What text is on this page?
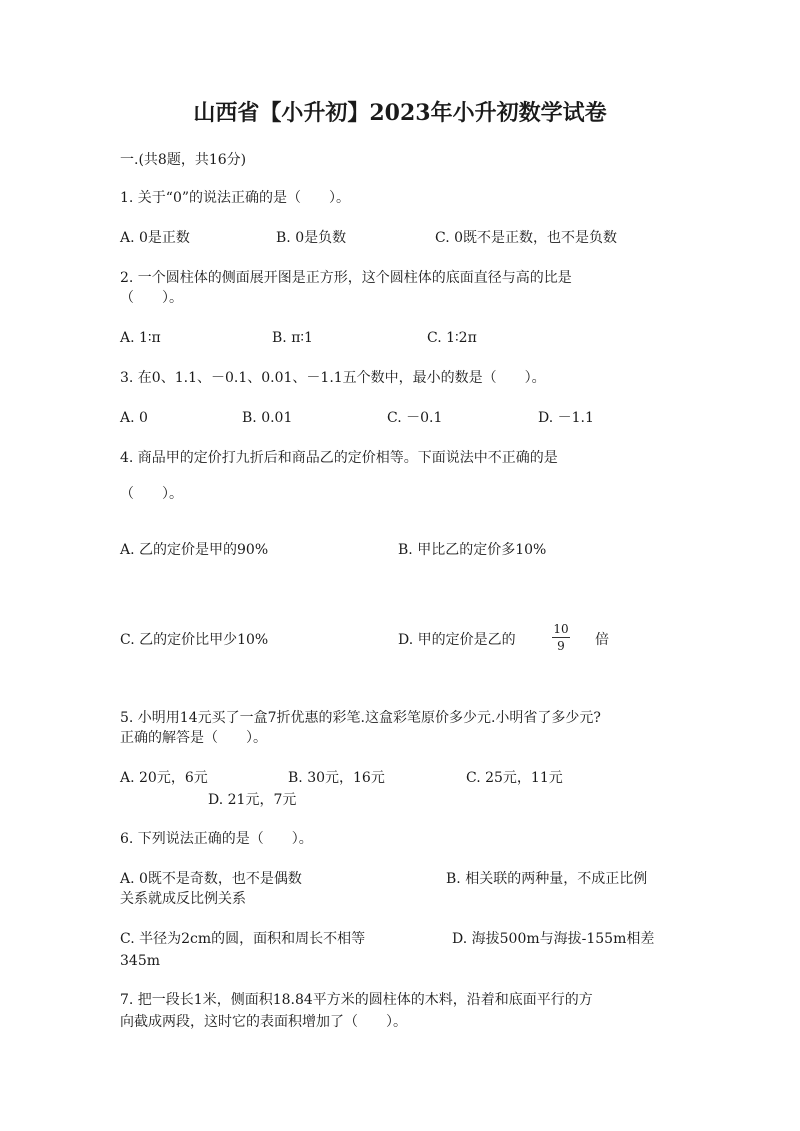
山西省【小升初】2023年小升初数学试卷
一.(共8题，共16分)
1. 关于“0”的说法正确的是（　　）。
A. 0是正数	B. 0是负数	C. 0既不是正数，也不是负数
2. 一个圆柱体的侧面展开图是正方形，这个圆柱体的底面直径与高的比是
（　　）。
A. 1∶π	B. π∶1	C. 1∶2π
3. 在0、1.1、－0.1、0.01、－1.1五个数中，最小的数是（　　）。
A. 0	B. 0.01	C. －0.1	D. －1.1
4. 商品甲的定价打九折后和商品乙的定价相等。下面说法中不正确的是
（　　）。
A. 乙的定价是甲的90%	B. 甲比乙的定价多10%
C. 乙的定价比甲少10%	D. 甲的定价是乙的	$\frac{10}{9}$ 倍
5. 小明用14元买了一盒7折优惠的彩笔.这盒彩笔原价多少元.小明省了多少元?
正确的解答是（　　）。
A. 20元，6元	B. 30元，16元	C. 25元，11元
D. 21元，7元
6. 下列说法正确的是（　　）。
A. 0既不是奇数，也不是偶数	B. 相关联的两种量，不成正比例
关系就成反比例关系
C. 半径为2cm的圆，面积和周长不相等	D. 海拔500m与海拔-155m相差
345m
7. 把一段长1米，侧面积18.84平方米的圆柱体的木料，沿着和底面平行的方
向截成两段，这时它的表面积增加了（　　）。
